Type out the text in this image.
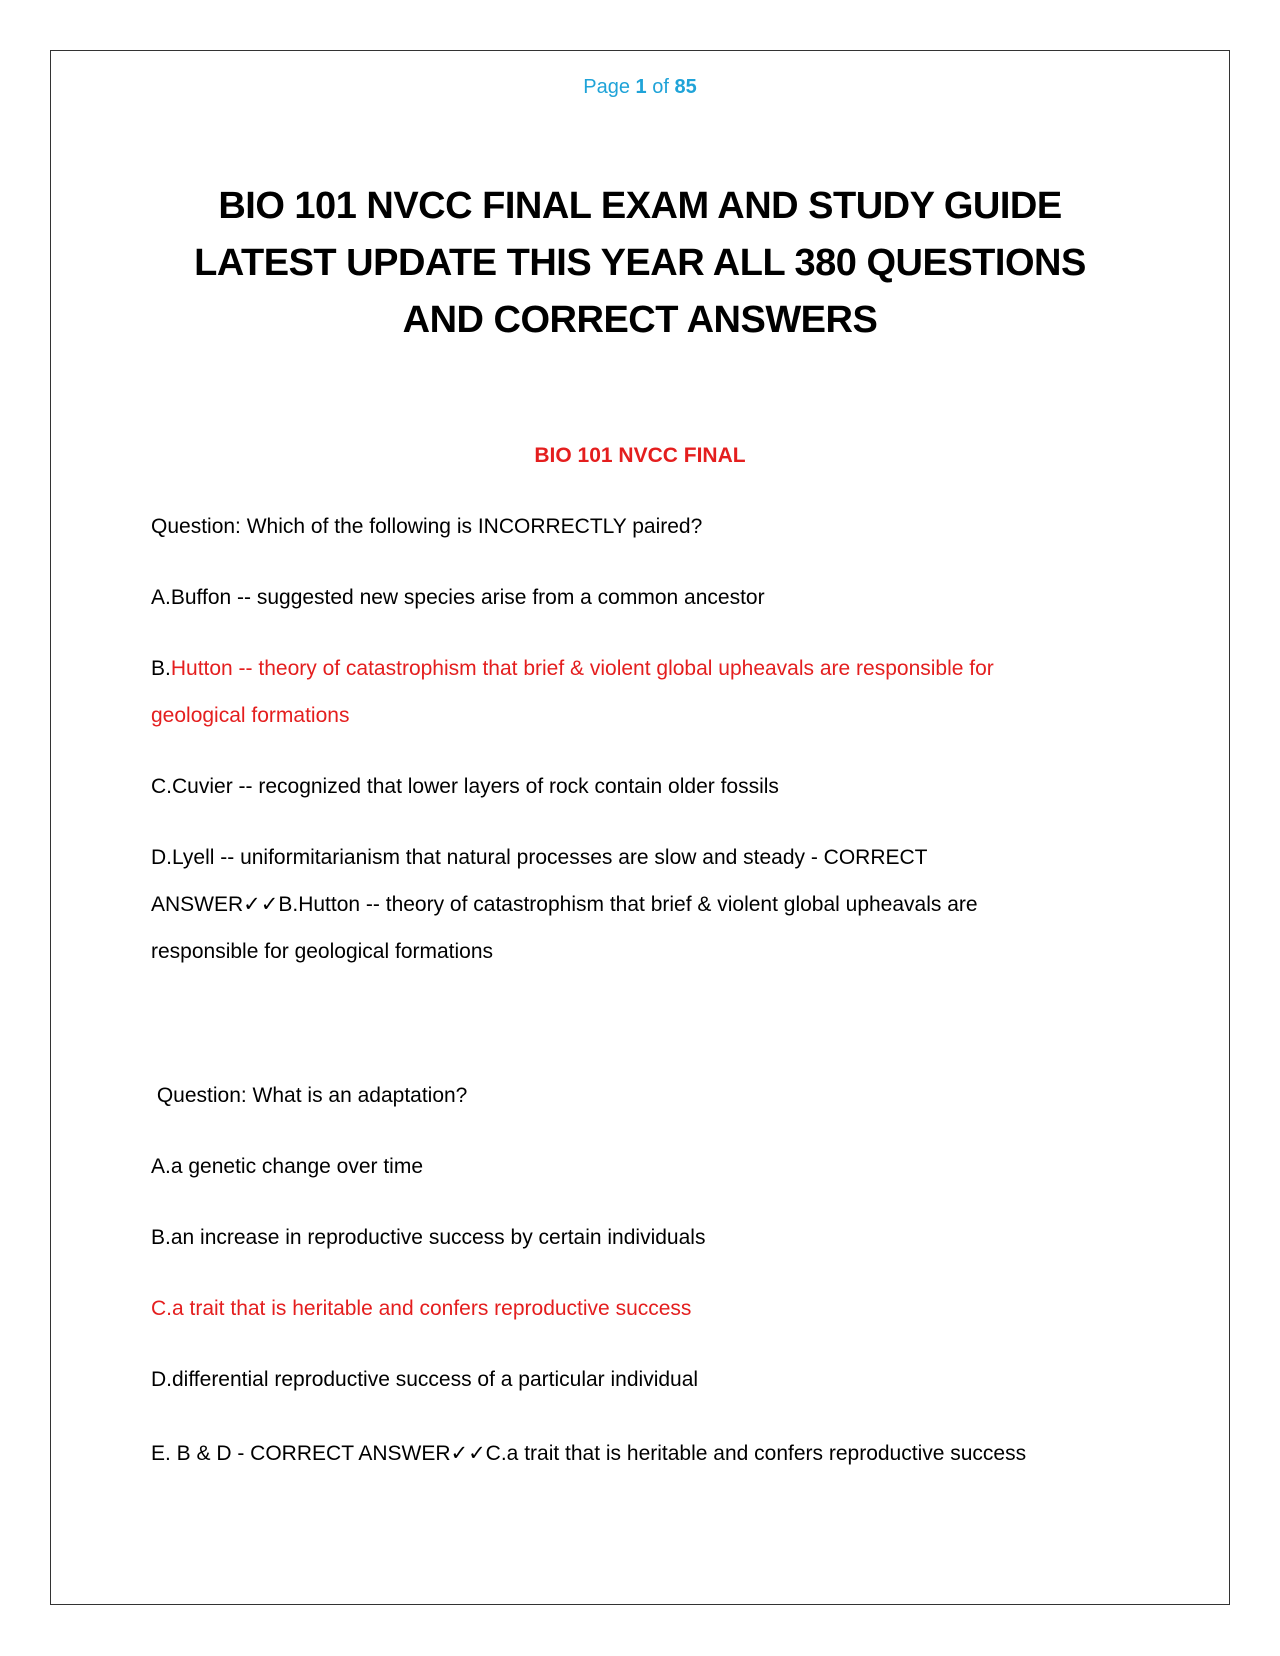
Page 1 of 85
BIO 101 NVCC FINAL EXAM AND STUDY GUIDE
LATEST UPDATE THIS YEAR ALL 380 QUESTIONS
AND CORRECT ANSWERS
BIO 101 NVCC FINAL
Question: Which of the following is INCORRECTLY paired?
A.Buffon -- suggested new species arise from a common ancestor
B.Hutton -- theory of catastrophism that brief & violent global upheavals are responsible for
geological formations
C.Cuvier -- recognized that lower layers of rock contain older fossils
D.Lyell -- uniformitarianism that natural processes are slow and steady - CORRECT
ANSWER✓✓B.Hutton -- theory of catastrophism that brief & violent global upheavals are
responsible for geological formations
Question: What is an adaptation?
A.a genetic change over time
B.an increase in reproductive success by certain individuals
C.a trait that is heritable and confers reproductive success
D.differential reproductive success of a particular individual
E. B & D - CORRECT ANSWER✓✓C.a trait that is heritable and confers reproductive success
